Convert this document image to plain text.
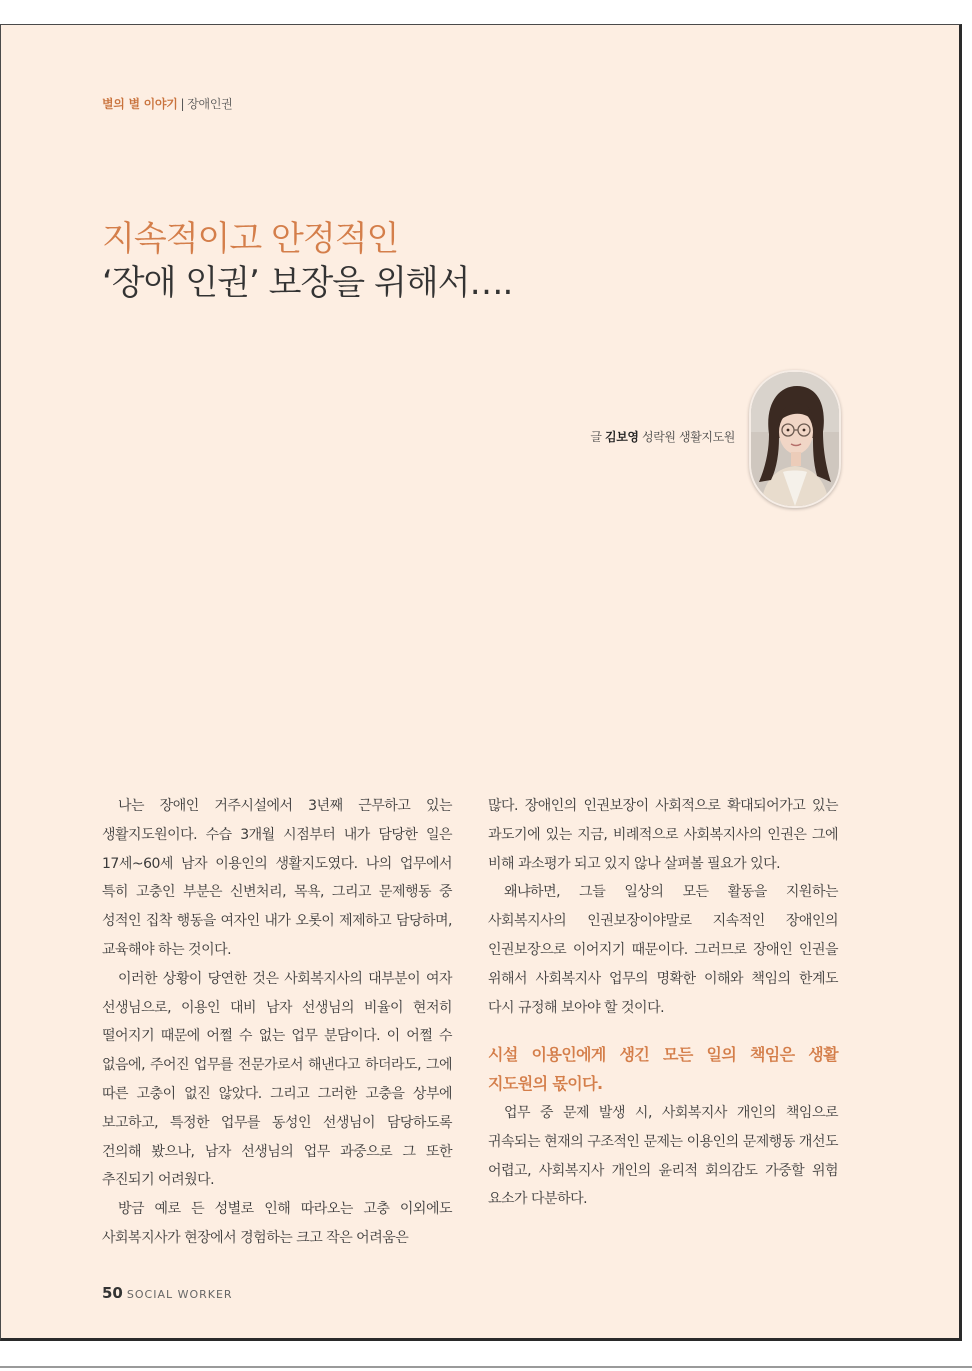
별의 별 이야기 | 장애인권
지속적이고 안정적인
‘장애 인권’ 보장을 위해서….
글 김보영 성락원 생활지도원

나는 장애인 거주시설에서 3년째 근무하고 있는 생활지도원이다. 수습 3개월 시점부터 내가 담당한 일은 17세~60세 남자 이용인의 생활지도였다. 나의 업무에서 특히 고충인 부분은 신변처리, 목욕, 그리고 문제행동 중 성적인 집착 행동을 여자인 내가 오롯이 제제하고 담당하며, 교육해야 하는 것이다.

이러한 상황이 당연한 것은 사회복지사의 대부분이 여자 선생님으로, 이용인 대비 남자 선생님의 비율이 현저히 떨어지기 때문에 어쩔 수 없는 업무 분담이다. 이 어쩔 수 없음에, 주어진 업무를 전문가로서 해낸다고 하더라도, 그에 따른 고충이 없진 않았다. 그리고 그러한 고충을 상부에 보고하고, 특정한 업무를 동성인 선생님이 담당하도록 건의해 봤으나, 남자 선생님의 업무 과중으로 그 또한 추진되기 어려웠다.

방금 예로 든 성별로 인해 따라오는 고충 이외에도 사회복지사가 현장에서 경험하는 크고 작은 어려움은

많다. 장애인의 인권보장이 사회적으로 확대되어가고 있는 과도기에 있는 지금, 비례적으로 사회복지사의 인권은 그에 비해 과소평가 되고 있지 않나 살펴볼 필요가 있다.

왜냐하면, 그들 일상의 모든 활동을 지원하는 사회복지사의 인권보장이야말로 지속적인 장애인의 인권보장으로 이어지기 때문이다. 그러므로 장애인 인권을 위해서 사회복지사 업무의 명확한 이해와 책임의 한계도 다시 규정해 보아야 할 것이다.

시설 이용인에게 생긴 모든 일의 책임은 생활 지도원의 몫이다.

업무 중 문제 발생 시, 사회복지사 개인의 책임으로 귀속되는 현재의 구조적인 문제는 이용인의 문제행동 개선도 어렵고, 사회복지사 개인의 윤리적 회의감도 가중할 위험 요소가 다분하다.

50 SOCIAL WORKER
